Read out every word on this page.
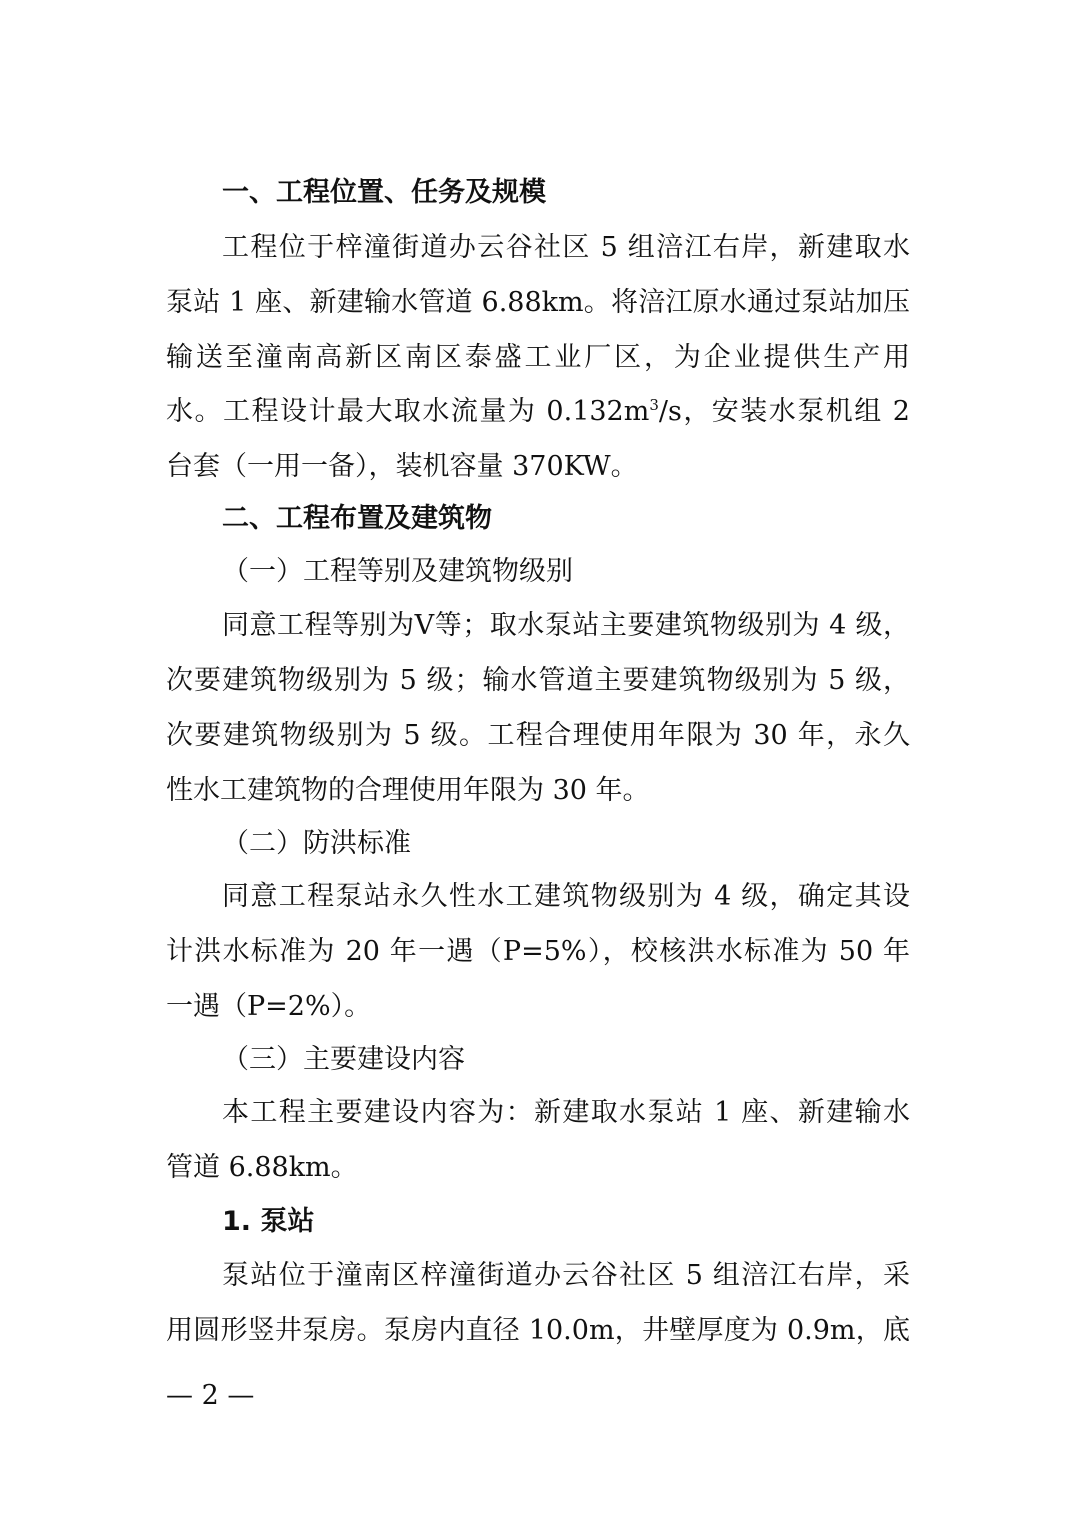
一、工程位置、任务及规模
工程位于梓潼街道办云谷社区 5 组涪江右岸，新建取水
泵站 1 座、新建输水管道 6.88km。将涪江原水通过泵站加压
输送至潼南高新区南区泰盛工业厂区，为企业提供生产用
水。工程设计最大取水流量为 $0.132m^3/s$，安装水泵机组 2
台套（一用一备），装机容量 370KW。
二、工程布置及建筑物
（一）工程等别及建筑物级别
同意工程等别为Ⅴ等；取水泵站主要建筑物级别为 4 级，
次要建筑物级别为 5 级；输水管道主要建筑物级别为 5 级，
次要建筑物级别为 5 级。工程合理使用年限为 30 年，永久
性水工建筑物的合理使用年限为 30 年。
（二）防洪标准
同意工程泵站永久性水工建筑物级别为 4 级，确定其设
计洪水标准为 20 年一遇（P=5%），校核洪水标准为 50 年
一遇（P=2%）。
（三）主要建设内容
本工程主要建设内容为：新建取水泵站 1 座、新建输水
管道 6.88km。
1. 泵站
泵站位于潼南区梓潼街道办云谷社区 5 组涪江右岸，采
用圆形竖井泵房。泵房内直径 10.0m，井壁厚度为 0.9m，底
— 2 —
